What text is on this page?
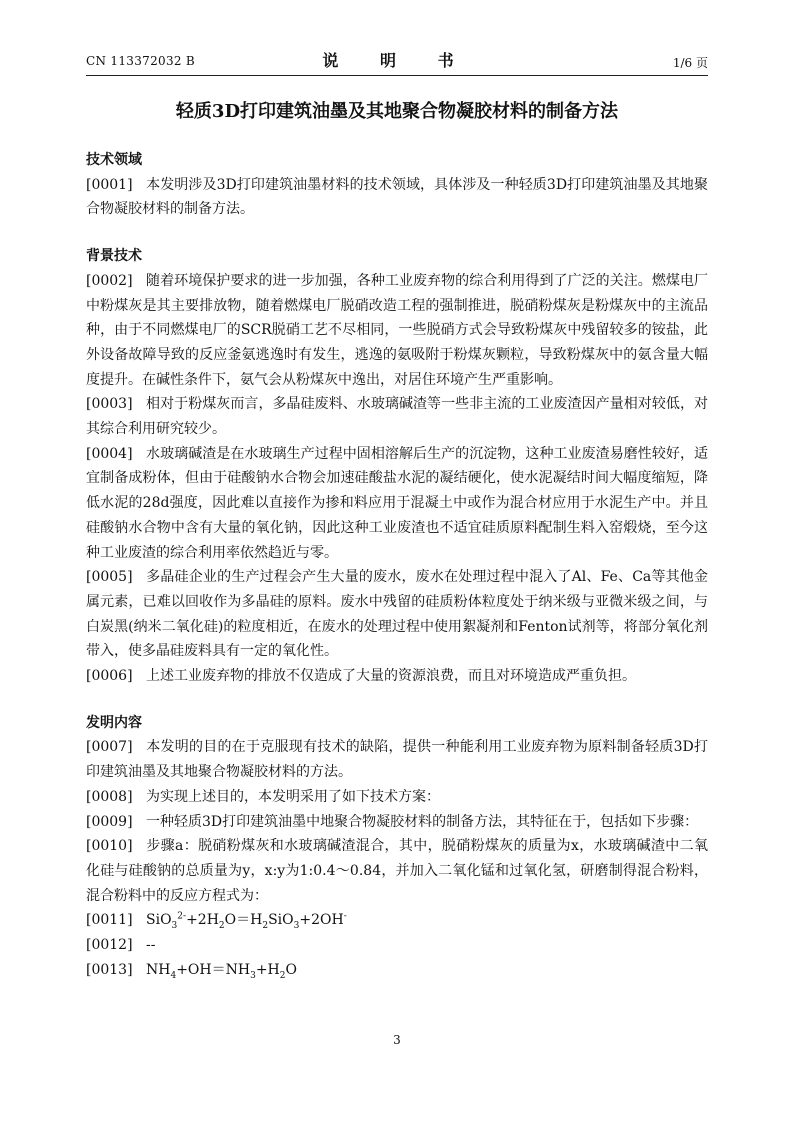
CN 113372032 B	说 明 书	1/6 页
轻质3D打印建筑油墨及其地聚合物凝胶材料的制备方法
技术领域
[0001] 本发明涉及3D打印建筑油墨材料的技术领域，具体涉及一种轻质3D打印建筑油墨及其地聚合物凝胶材料的制备方法。
背景技术
[0002] 随着环境保护要求的进一步加强，各种工业废弃物的综合利用得到了广泛的关注。燃煤电厂中粉煤灰是其主要排放物，随着燃煤电厂脱硝改造工程的强制推进，脱硝粉煤灰是粉煤灰中的主流品种，由于不同燃煤电厂的SCR脱硝工艺不尽相同，一些脱硝方式会导致粉煤灰中残留较多的铵盐，此外设备故障导致的反应釜氨逃逸时有发生，逃逸的氨吸附于粉煤灰颗粒，导致粉煤灰中的氨含量大幅度提升。在碱性条件下，氨气会从粉煤灰中逸出，对居住环境产生严重影响。
[0003] 相对于粉煤灰而言，多晶硅废料、水玻璃碱渣等一些非主流的工业废渣因产量相对较低，对其综合利用研究较少。
[0004] 水玻璃碱渣是在水玻璃生产过程中固相溶解后生产的沉淀物，这种工业废渣易磨性较好，适宜制备成粉体，但由于硅酸钠水合物会加速硅酸盐水泥的凝结硬化，使水泥凝结时间大幅度缩短，降低水泥的28d强度，因此难以直接作为掺和料应用于混凝土中或作为混合材应用于水泥生产中。并且硅酸钠水合物中含有大量的氧化钠，因此这种工业废渣也不适宜硅质原料配制生料入窑煅烧，至今这种工业废渣的综合利用率依然趋近与零。
[0005] 多晶硅企业的生产过程会产生大量的废水，废水在处理过程中混入了Al、Fe、Ca等其他金属元素，已难以回收作为多晶硅的原料。废水中残留的硅质粉体粒度处于纳米级与亚微米级之间，与白炭黑(纳米二氧化硅)的粒度相近，在废水的处理过程中使用絮凝剂和Fenton试剂等，将部分氧化剂带入，使多晶硅废料具有一定的氧化性。
[0006] 上述工业废弃物的排放不仅造成了大量的资源浪费，而且对环境造成严重负担。
发明内容
[0007] 本发明的目的在于克服现有技术的缺陷，提供一种能利用工业废弃物为原料制备轻质3D打印建筑油墨及其地聚合物凝胶材料的方法。
[0008] 为实现上述目的，本发明采用了如下技术方案：
[0009] 一种轻质3D打印建筑油墨中地聚合物凝胶材料的制备方法，其特征在于，包括如下步骤：
[0010] 步骤a：脱硝粉煤灰和水玻璃碱渣混合，其中，脱硝粉煤灰的质量为x，水玻璃碱渣中二氧化硅与硅酸钠的总质量为y，x:y为1:0.4～0.84，并加入二氧化锰和过氧化氢，研磨制得混合粉料，混合粉料中的反应方程式为：
[0011] $SiO_3^{2-}+2H_2O=H_2SiO_3+2OH^-$
[0012] --
[0013] $NH_4+OH=NH_3+H_2O$
3
